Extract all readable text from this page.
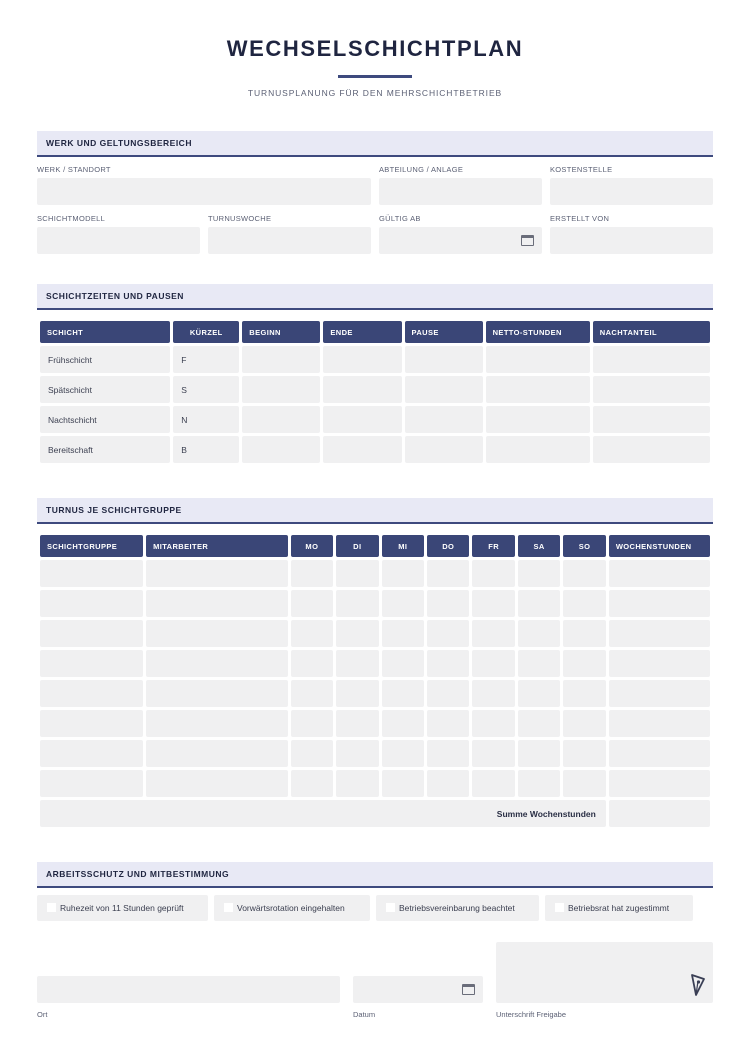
WECHSELSCHICHTPLAN
TURNUSPLANUNG FÜR DEN MEHRSCHICHTBETRIEB
WERK UND GELTUNGSBEREICH
WERK / STANDORT	ABTEILUNG / ANLAGE	KOSTENSTELLE
SCHICHTMODELL	TURNUSWOCHE	GÜLTIG AB	ERSTELLT VON
SCHICHTZEITEN UND PAUSEN
SCHICHT	KÜRZEL	BEGINN	ENDE	PAUSE	NETTO-STUNDEN	NACHTANTEIL
Frühschicht	F					
Spätschicht	S					
Nachtschicht	N					
Bereitschaft	B					
TURNUS JE SCHICHTGRUPPE
SCHICHTGRUPPE	MITARBEITER	MO	DI	MI	DO	FR	SA	SO	WOCHENSTUNDEN

Summe Wochenstunden									
ARBEITSSCHUTZ UND MITBESTIMMUNG
Ruhezeit von 11 Stunden geprüft	Vorwärtsrotation eingehalten	Betriebsvereinbarung beachtet	Betriebsrat hat zugestimmt
Ort	Datum	Unterschrift Freigabe
